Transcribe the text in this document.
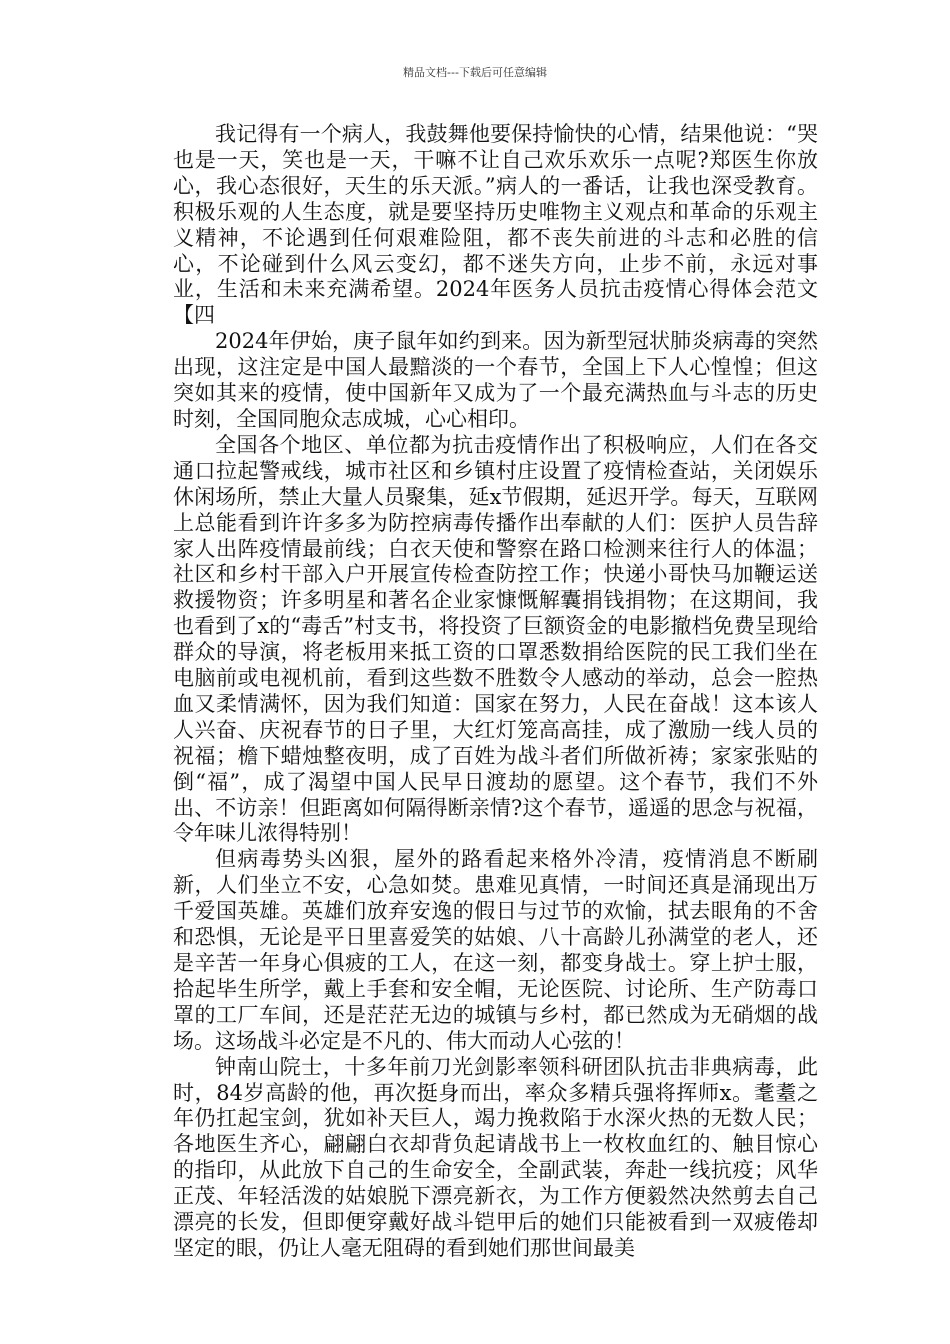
精品文档---下载后可任意编辑

我记得有一个病人，我鼓舞他要保持愉快的心情，结果他说：“哭也是一天，笑也是一天，干嘛不让自己欢乐欢乐一点呢?郑医生你放心，我心态很好，天生的乐天派。”病人的一番话，让我也深受教育。积极乐观的人生态度，就是要坚持历史唯物主义观点和革命的乐观主义精神，不论遇到任何艰难险阻，都不丧失前进的斗志和必胜的信心，不论碰到什么风云变幻，都不迷失方向，止步不前，永远对事业，生活和未来充满希望。2024年医务人员抗击疫情心得体会范文【四

2024年伊始，庚子鼠年如约到来。因为新型冠状肺炎病毒的突然出现，这注定是中国人最黯淡的一个春节，全国上下人心惶惶；但这突如其来的疫情，使中国新年又成为了一个最充满热血与斗志的历史时刻，全国同胞众志成城，心心相印。

全国各个地区、单位都为抗击疫情作出了积极响应，人们在各交通口拉起警戒线，城市社区和乡镇村庄设置了疫情检查站，关闭娱乐休闲场所，禁止大量人员聚集，延x节假期，延迟开学。每天，互联网上总能看到许许多多为防控病毒传播作出奉献的人们：医护人员告辞家人出阵疫情最前线；白衣天使和警察在路口检测来往行人的体温；社区和乡村干部入户开展宣传检查防控工作；快递小哥快马加鞭运送救援物资；许多明星和著名企业家慷慨解囊捐钱捐物；在这期间，我也看到了x的“毒舌”村支书，将投资了巨额资金的电影撤档免费呈现给群众的导演，将老板用来抵工资的口罩悉数捐给医院的民工我们坐在电脑前或电视机前，看到这些数不胜数令人感动的举动，总会一腔热血又柔情满怀，因为我们知道：国家在努力，人民在奋战！这本该人人兴奋、庆祝春节的日子里，大红灯笼高高挂，成了激励一线人员的祝福；檐下蜡烛整夜明，成了百姓为战斗者们所做祈祷；家家张贴的倒“福”，成了渴望中国人民早日渡劫的愿望。这个春节，我们不外出、不访亲！但距离如何隔得断亲情?这个春节，遥遥的思念与祝福，令年味儿浓得特别！

但病毒势头凶狠，屋外的路看起来格外冷清，疫情消息不断刷新，人们坐立不安，心急如焚。患难见真情，一时间还真是涌现出万千爱国英雄。英雄们放弃安逸的假日与过节的欢愉，拭去眼角的不舍和恐惧，无论是平日里喜爱笑的姑娘、八十高龄儿孙满堂的老人，还是辛苦一年身心俱疲的工人，在这一刻，都变身战士。穿上护士服，拾起毕生所学，戴上手套和安全帽，无论医院、讨论所、生产防毒口罩的工厂车间，还是茫茫无边的城镇与乡村，都已然成为无硝烟的战场。这场战斗必定是不凡的、伟大而动人心弦的！

钟南山院士，十多年前刀光剑影率领科研团队抗击非典病毒，此时，84岁高龄的他，再次挺身而出，率众多精兵强将挥师x。耄耋之年仍扛起宝剑，犹如补天巨人，竭力挽救陷于水深火热的无数人民；各地医生齐心，翩翩白衣却背负起请战书上一枚枚血红的、触目惊心的指印，从此放下自己的生命安全，全副武装，奔赴一线抗疫；风华正茂、年轻活泼的姑娘脱下漂亮新衣，为工作方便毅然决然剪去自己漂亮的长发，但即便穿戴好战斗铠甲后的她们只能被看到一双疲倦却坚定的眼，仍让人毫无阻碍的看到她们那世间最美
